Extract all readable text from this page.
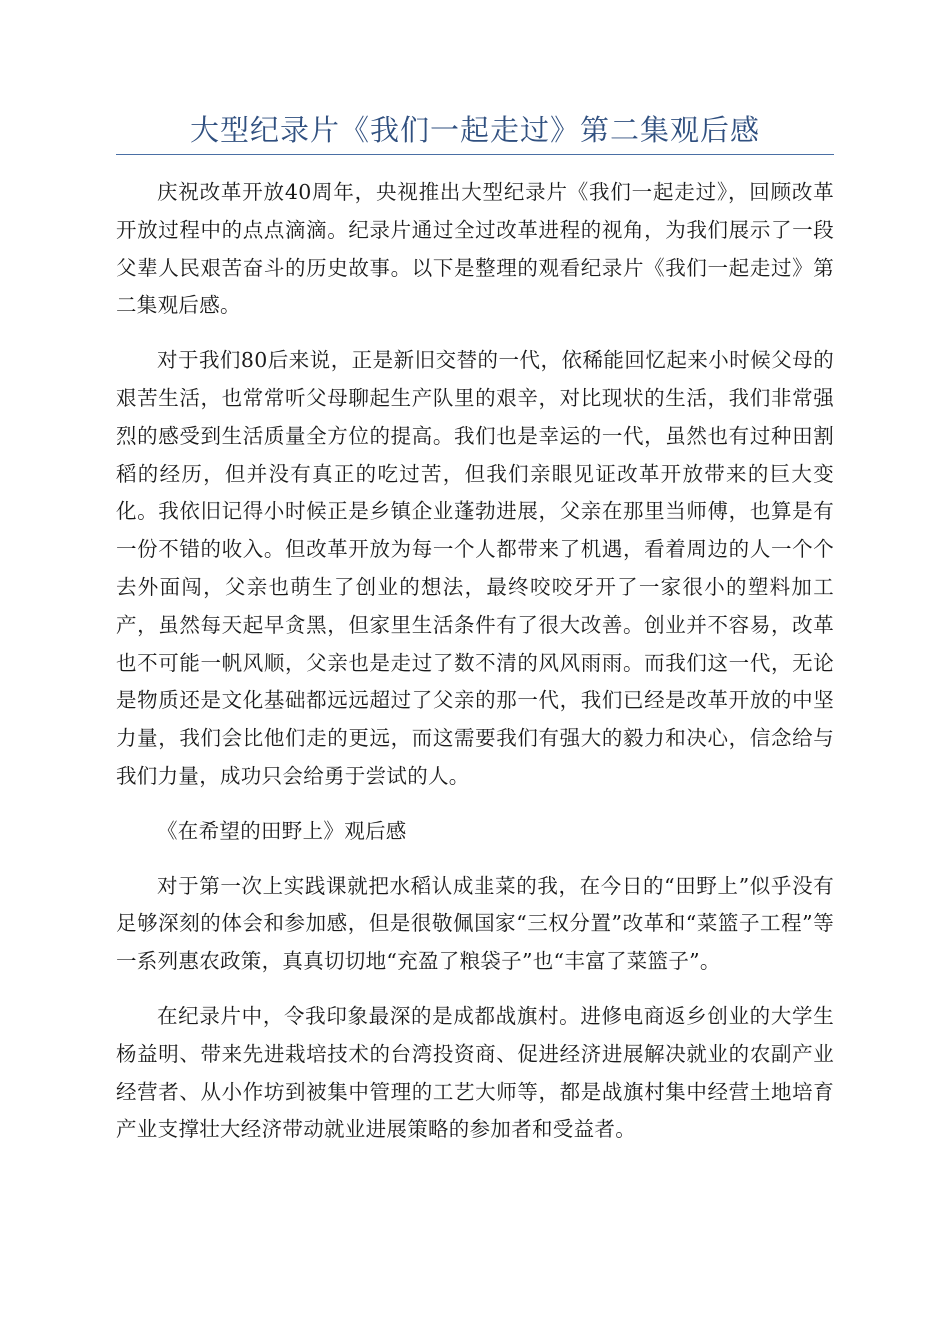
大型纪录片《我们一起走过》第二集观后感

庆祝改革开放40周年，央视推出大型纪录片《我们一起走过》，回顾改革开放过程中的点点滴滴。纪录片通过全过改革进程的视角，为我们展示了一段父辈人民艰苦奋斗的历史故事。以下是整理的观看纪录片《我们一起走过》第二集观后感。

对于我们80后来说，正是新旧交替的一代，依稀能回忆起来小时候父母的艰苦生活，也常常听父母聊起生产队里的艰辛，对比现状的生活，我们非常强烈的感受到生活质量全方位的提高。我们也是幸运的一代，虽然也有过种田割稻的经历，但并没有真正的吃过苦，但我们亲眼见证改革开放带来的巨大变化。我依旧记得小时候正是乡镇企业蓬勃进展，父亲在那里当师傅，也算是有一份不错的收入。但改革开放为每一个人都带来了机遇，看着周边的人一个个去外面闯，父亲也萌生了创业的想法，最终咬咬牙开了一家很小的塑料加工产，虽然每天起早贪黑，但家里生活条件有了很大改善。创业并不容易，改革也不可能一帆风顺，父亲也是走过了数不清的风风雨雨。而我们这一代，无论是物质还是文化基础都远远超过了父亲的那一代，我们已经是改革开放的中坚力量，我们会比他们走的更远，而这需要我们有强大的毅力和决心，信念给与我们力量，成功只会给勇于尝试的人。

《在希望的田野上》观后感

对于第一次上实践课就把水稻认成韭菜的我，在今日的“田野上”似乎没有足够深刻的体会和参加感，但是很敬佩国家“三权分置”改革和“菜篮子工程”等一系列惠农政策，真真切切地“充盈了粮袋子”也“丰富了菜篮子”。

在纪录片中，令我印象最深的是成都战旗村。进修电商返乡创业的大学生杨益明、带来先进栽培技术的台湾投资商、促进经济进展解决就业的农副产业经营者、从小作坊到被集中管理的工艺大师等，都是战旗村集中经营土地培育产业支撑壮大经济带动就业进展策略的参加者和受益者。
